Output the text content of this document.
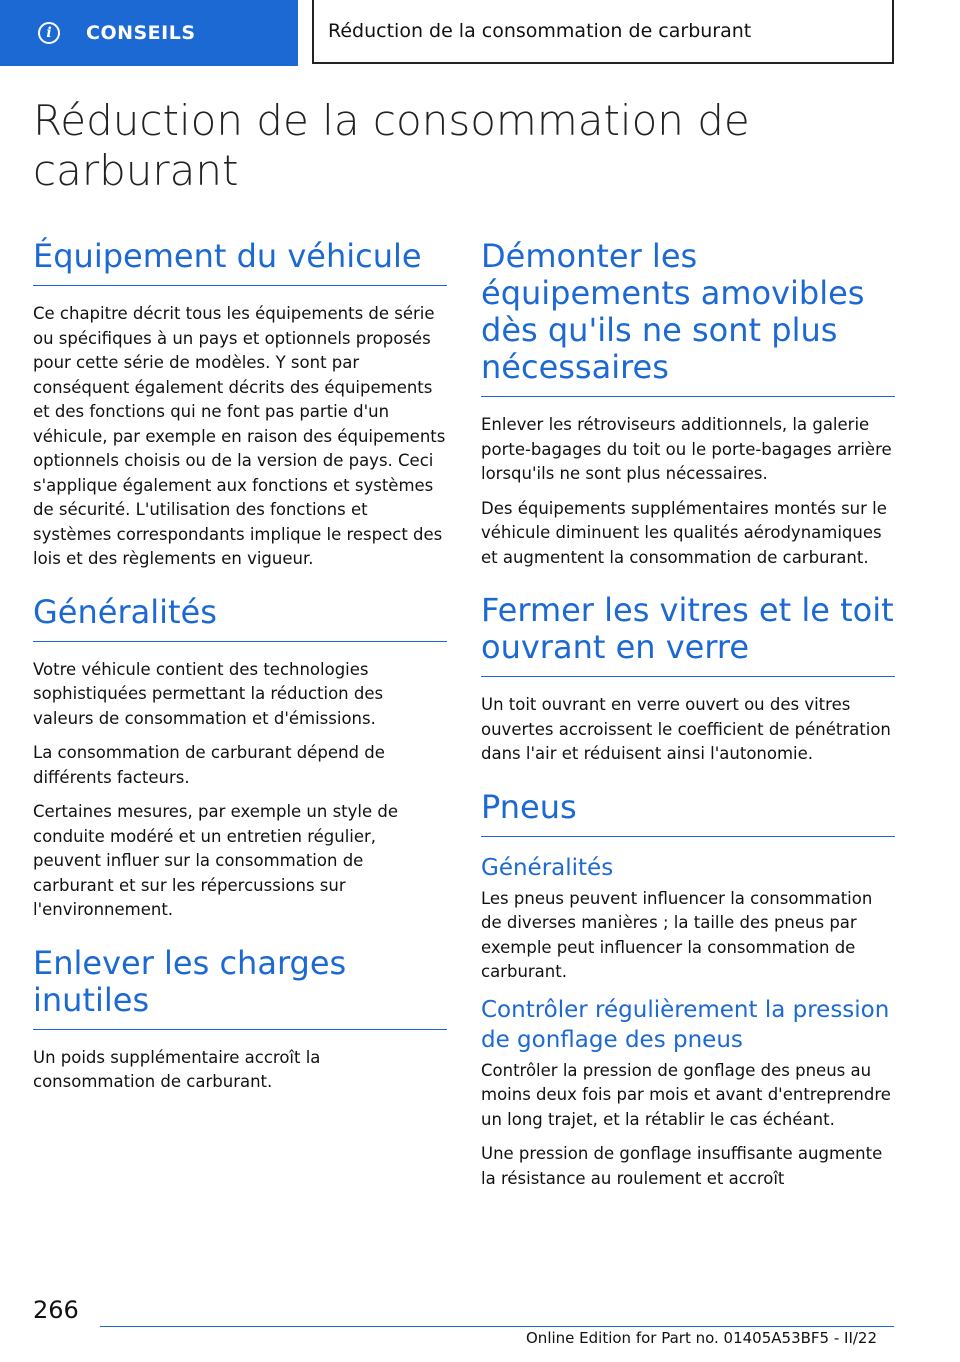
i	CONSEILS	Réduction de la consommation de carburant
Réduction de la consommation de carburant
Équipement du véhicule

Ce chapitre décrit tous les équipements de série ou spécifiques à un pays et optionnels proposés pour cette série de modèles. Y sont par conséquent également décrits des équipements et des fonctions qui ne font pas partie d'un véhicule, par exemple en raison des équipements optionnels choisis ou de la version de pays. Ceci s'applique également aux fonctions et systèmes de sécurité. L'utilisation des fonctions et systèmes correspondants implique le respect des lois et des règlements en vigueur.

Généralités

Votre véhicule contient des technologies sophistiquées permettant la réduction des valeurs de consommation et d'émissions.

La consommation de carburant dépend de différents facteurs.

Certaines mesures, par exemple un style de conduite modéré et un entretien régulier, peuvent influer sur la consommation de carburant et sur les répercussions sur l'environnement.

Enlever les charges inutiles

Un poids supplémentaire accroît la consommation de carburant.

Démonter les équipements amovibles dès qu'ils ne sont plus nécessaires

Enlever les rétroviseurs additionnels, la galerie porte-bagages du toit ou le porte-bagages arrière lorsqu'ils ne sont plus nécessaires.

Des équipements supplémentaires montés sur le véhicule diminuent les qualités aérodynamiques et augmentent la consommation de carburant.

Fermer les vitres et le toit ouvrant en verre

Un toit ouvrant en verre ouvert ou des vitres ouvertes accroissent le coefficient de pénétration dans l'air et réduisent ainsi l'autonomie.

Pneus
Généralités

Les pneus peuvent influencer la consommation de diverses manières ; la taille des pneus par exemple peut influencer la consommation de carburant.

Contrôler régulièrement la pression de gonflage des pneus

Contrôler la pression de gonflage des pneus au moins deux fois par mois et avant d'entreprendre un long trajet, et la rétablir le cas échéant.

Une pression de gonflage insuffisante augmente la résistance au roulement et accroît

266
Online Edition for Part no. 01405A53BF5 - II/22
